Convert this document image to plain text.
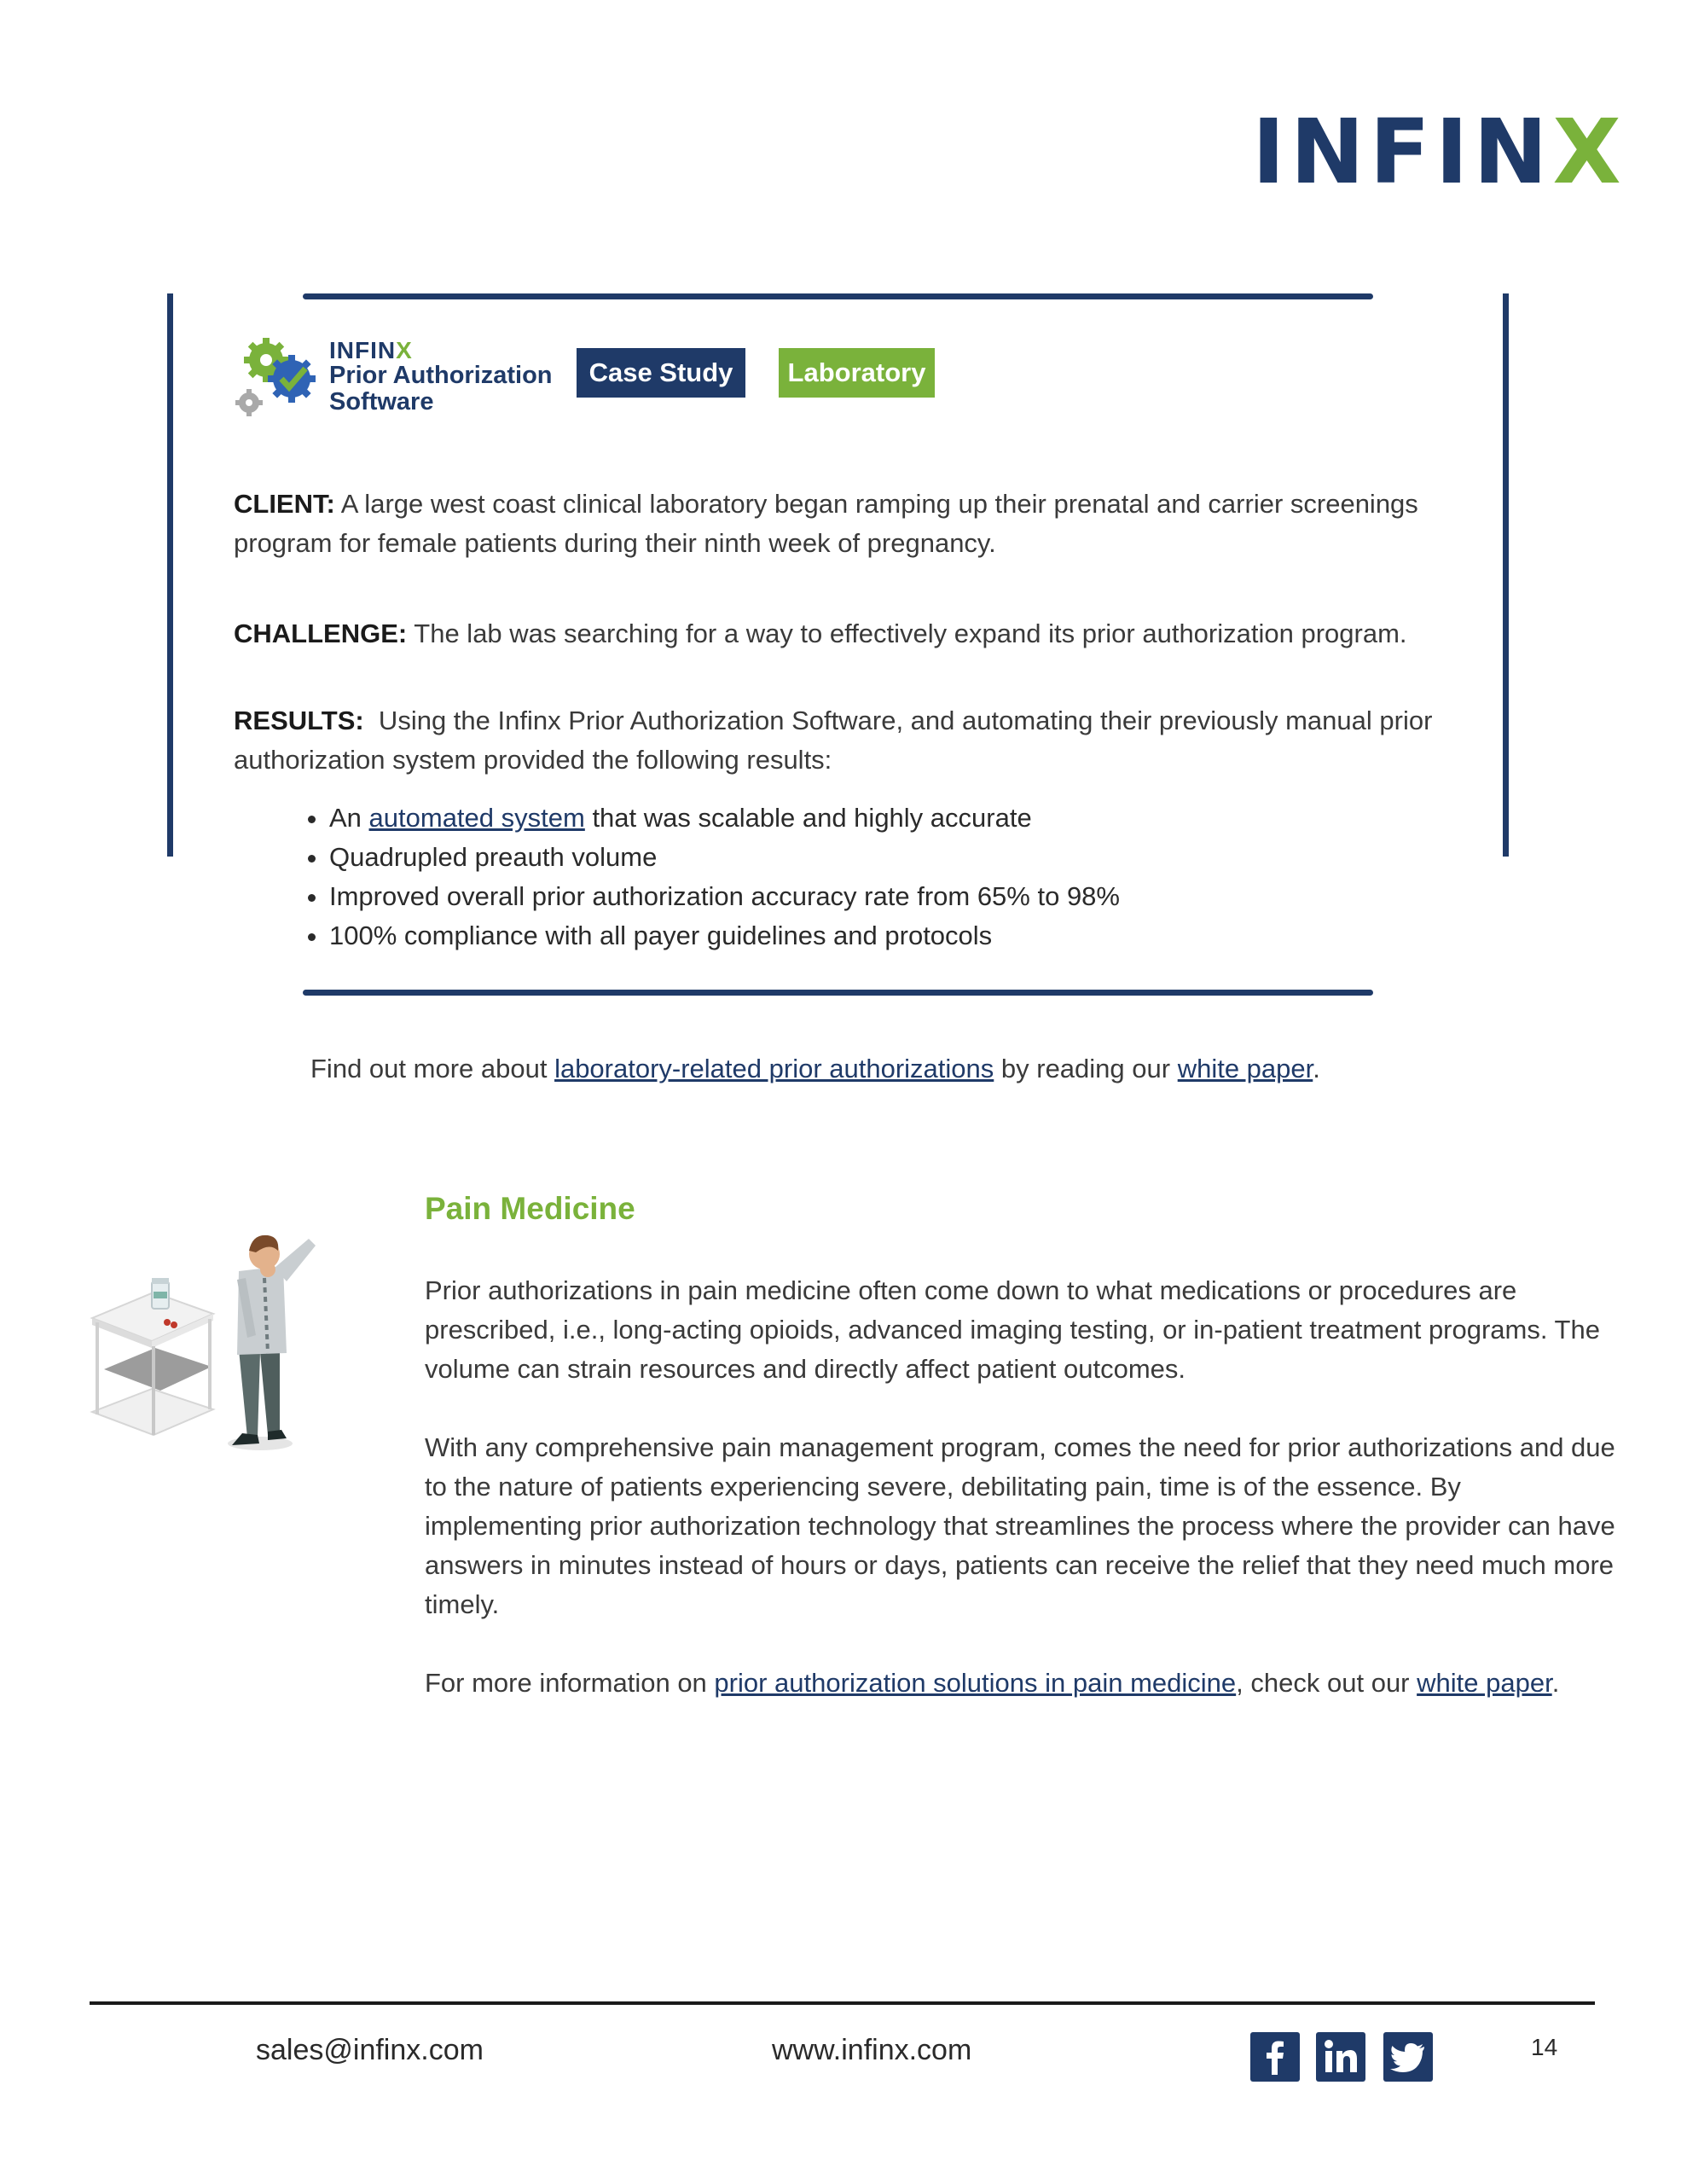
INFINX
INFINX
Prior Authorization
Software
Case Study	Laboratory
CLIENT: A large west coast clinical laboratory began ramping up their prenatal and carrier screenings program for female patients during their ninth week of pregnancy.
CHALLENGE: The lab was searching for a way to effectively expand its prior authorization program.
RESULTS:  Using the Infinx Prior Authorization Software, and automating their previously manual prior authorization system provided the following results:
• An automated system that was scalable and highly accurate
• Quadrupled preauth volume
• Improved overall prior authorization accuracy rate from 65% to 98%
• 100% compliance with all payer guidelines and protocols
Find out more about laboratory-related prior authorizations by reading our white paper.
Pain Medicine
Prior authorizations in pain medicine often come down to what medications or procedures are prescribed, i.e., long-acting opioids, advanced imaging testing, or in-patient treatment programs. The volume can strain resources and directly affect patient outcomes.
With any comprehensive pain management program, comes the need for prior authorizations and due to the nature of patients experiencing severe, debilitating pain, time is of the essence. By implementing prior authorization technology that streamlines the process where the provider can have answers in minutes instead of hours or days, patients can receive the relief that they need much more timely.
For more information on prior authorization solutions in pain medicine, check out our white paper.
sales@infinx.com	www.infinx.com	14
